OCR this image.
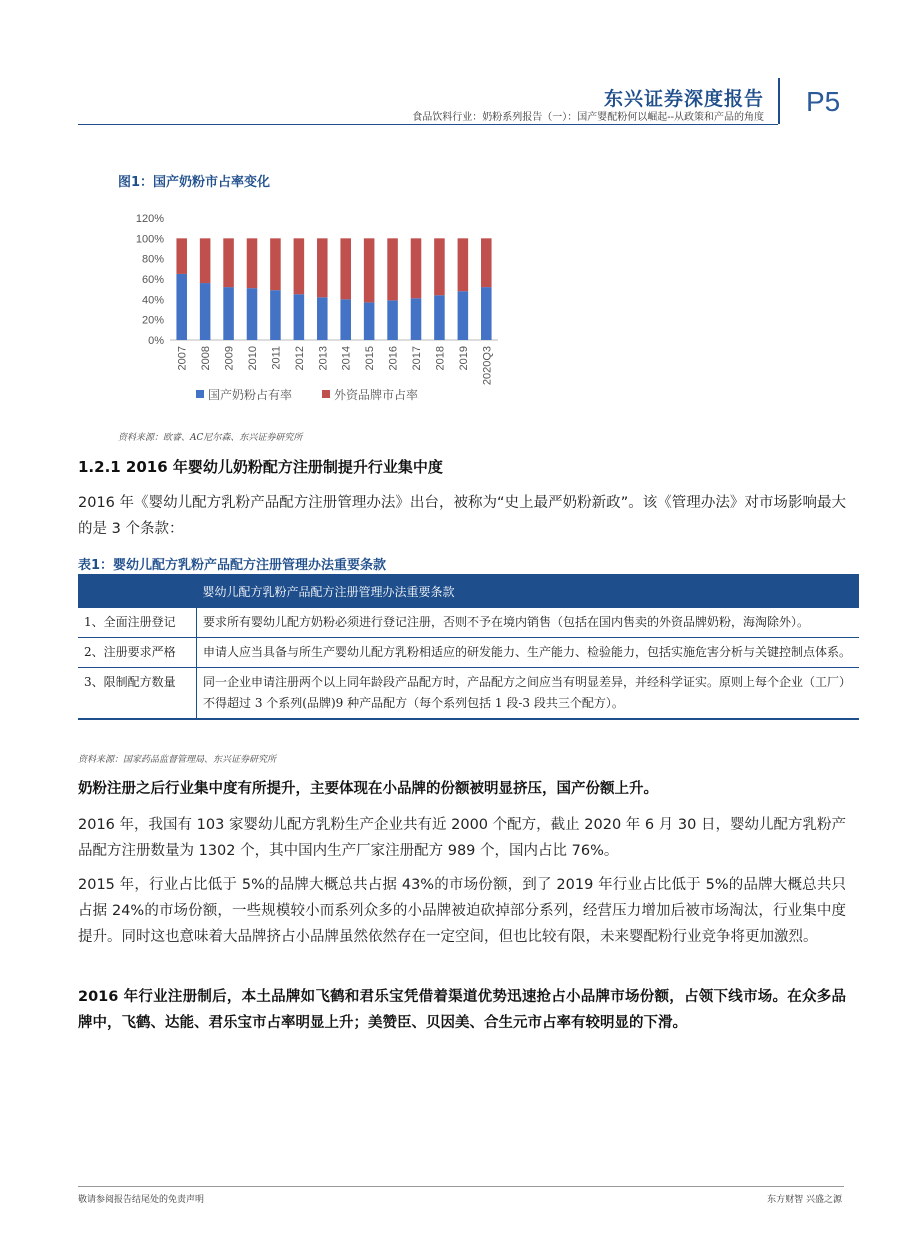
东兴证券深度报告
食品饮料行业：奶粉系列报告（一）：国产婴配粉何以崛起--从政策和产品的角度
P5
图1：国产奶粉市占率变化
0%
20%
40%
60%
80%
100%
120%
2007 2008 2009 2010 2011 2012 2013 2014 2015 2016 2017 2018 2019 2020Q3
国产奶粉占有率	外资品牌市占率
资料来源：欧睿、AC尼尔森、东兴证券研究所
1.2.1 2016 年婴幼儿奶粉配方注册制提升行业集中度
2016 年《婴幼儿配方乳粉产品配方注册管理办法》出台，被称为“史上最严奶粉新政”。该《管理办法》对市场影响最大的是 3 个条款：
表1：婴幼儿配方乳粉产品配方注册管理办法重要条款
	婴幼儿配方乳粉产品配方注册管理办法重要条款
1、全面注册登记	要求所有婴幼儿配方奶粉必须进行登记注册，否则不予在境内销售（包括在国内售卖的外资品牌奶粉，海淘除外）。
2、注册要求严格	申请人应当具备与所生产婴幼儿配方乳粉相适应的研发能力、生产能力、检验能力，包括实施危害分析与关键控制点体系。
3、限制配方数量	同一企业申请注册两个以上同年龄段产品配方时，产品配方之间应当有明显差异，并经科学证实。原则上每个企业（工厂）不得超过 3 个系列(品牌)9 种产品配方（每个系列包括 1 段-3 段共三个配方）。
资料来源：国家药品监督管理局、东兴证券研究所
奶粉注册之后行业集中度有所提升，主要体现在小品牌的份额被明显挤压，国产份额上升。
2016 年，我国有 103 家婴幼儿配方乳粉生产企业共有近 2000 个配方，截止 2020 年 6 月 30 日，婴幼儿配方乳粉产品配方注册数量为 1302 个，其中国内生产厂家注册配方 989 个，国内占比 76%。
2015 年，行业占比低于 5%的品牌大概总共占据 43%的市场份额，到了 2019 年行业占比低于 5%的品牌大概总共只占据 24%的市场份额，一些规模较小而系列众多的小品牌被迫砍掉部分系列，经营压力增加后被市场淘汰，行业集中度提升。同时这也意味着大品牌挤占小品牌虽然依然存在一定空间，但也比较有限，未来婴配粉行业竞争将更加激烈。
2016 年行业注册制后，本土品牌如飞鹤和君乐宝凭借着渠道优势迅速抢占小品牌市场份额，占领下线市场。在众多品牌中，飞鹤、达能、君乐宝市占率明显上升；美赞臣、贝因美、合生元市占率有较明显的下滑。
敬请参阅报告结尾处的免责声明	东方财智 兴盛之源
